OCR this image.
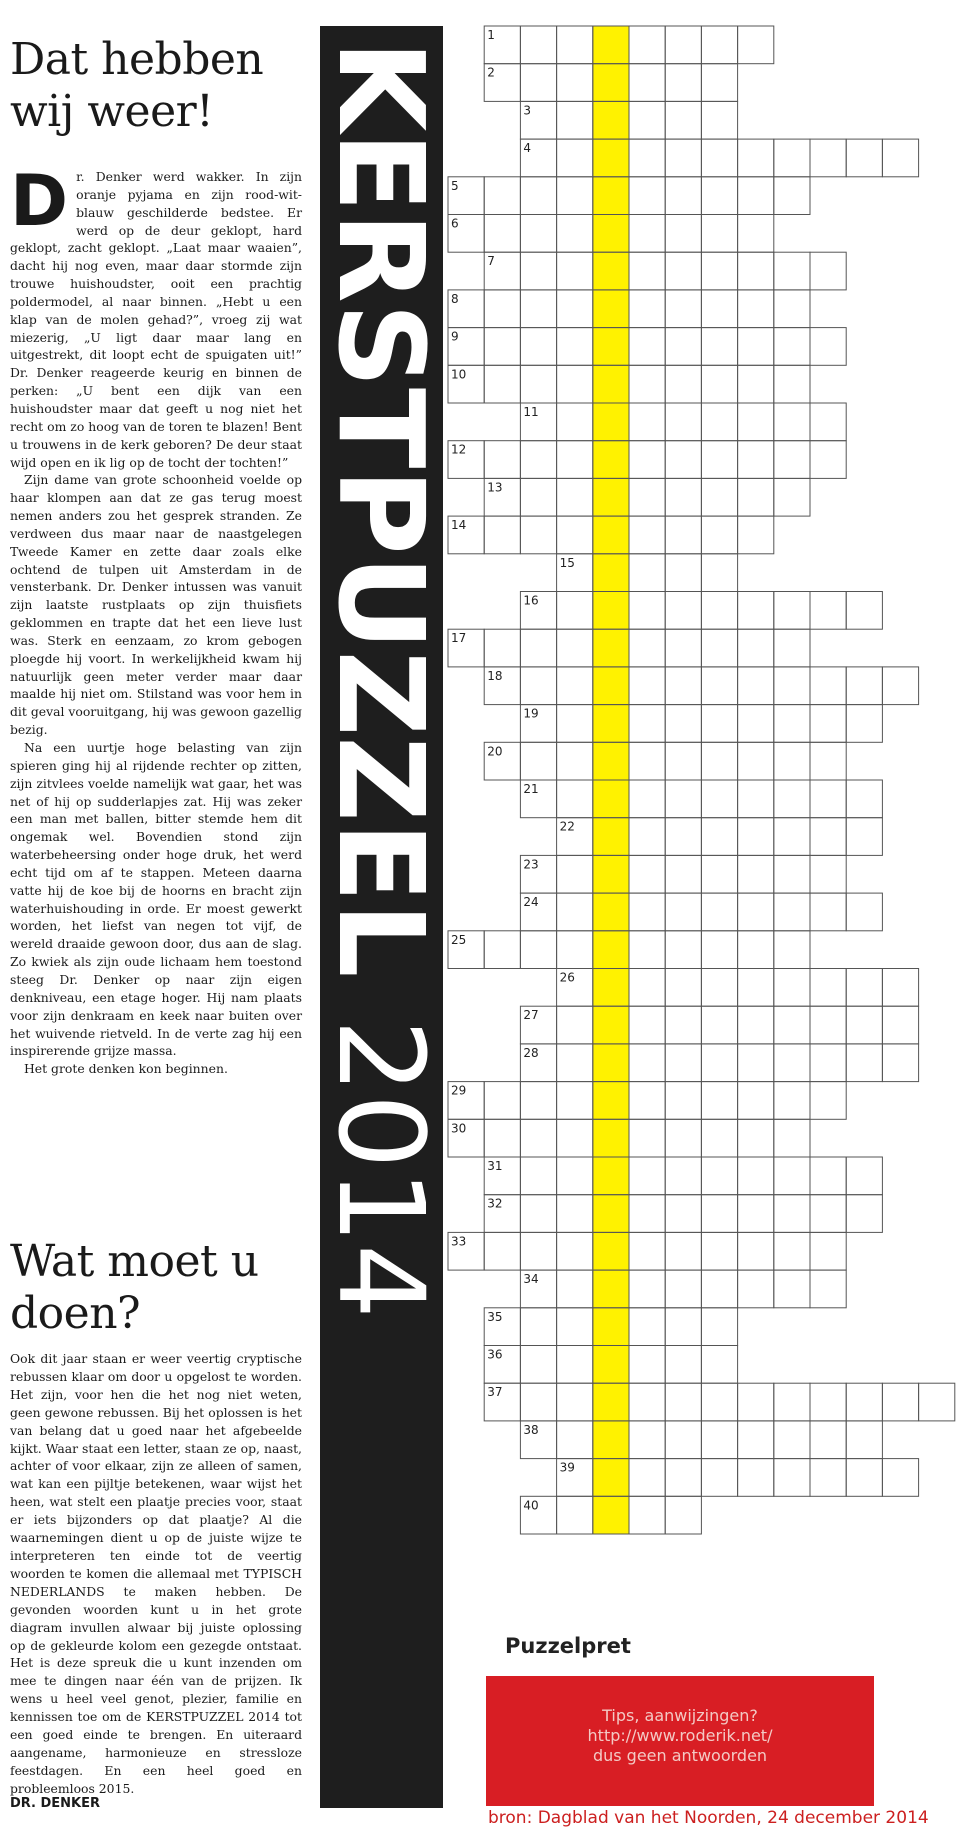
Dat hebben wij weer!

Dr. Denker werd wakker. In zijn oranje pyjama en zijn rood-wit-blauw geschilderde bedstee. Er werd op de deur geklopt, hard geklopt, zacht geklopt. „Laat maar waaien”, dacht hij nog even, maar daar stormde zijn trouwe huishoudster, ooit een prachtig poldermodel, al naar binnen. „Hebt u een klap van de molen gehad?”, vroeg zij wat miezerig, „U ligt daar maar lang en uitgestrekt, dit loopt echt de spuigaten uit!” Dr. Denker reageerde keurig en binnen de perken: „U bent een dijk van een huishoudster maar dat geeft u nog niet het recht om zo hoog van de toren te blazen! Bent u trouwens in de kerk geboren? De deur staat wijd open en ik lig op de tocht der tochten!”

Zijn dame van grote schoonheid voelde op haar klompen aan dat ze gas terug moest nemen anders zou het gesprek stranden. Ze verdween dus maar naar de naastgelegen Tweede Kamer en zette daar zoals elke ochtend de tulpen uit Amsterdam in de vensterbank. Dr. Denker intussen was vanuit zijn laatste rustplaats op zijn thuisfiets geklommen en trapte dat het een lieve lust was. Sterk en eenzaam, zo krom gebogen ploegde hij voort. In werkelijkheid kwam hij natuurlijk geen meter verder maar daar maalde hij niet om. Stilstand was voor hem in dit geval vooruitgang, hij was gewoon gazellig bezig.

Na een uurtje hoge belasting van zijn spieren ging hij al rijdende rechter op zitten, zijn zitvlees voelde namelijk wat gaar, het was net of hij op sudderlapjes zat. Hij was zeker een man met ballen, bitter stemde hem dit ongemak wel. Bovendien stond zijn waterbeheersing onder hoge druk, het werd echt tijd om af te stappen. Meteen daarna vatte hij de koe bij de hoorns en bracht zijn waterhuishouding in orde. Er moest gewerkt worden, het liefst van negen tot vijf, de wereld draaide gewoon door, dus aan de slag. Zo kwiek als zijn oude lichaam hem toestond steeg Dr. Denker op naar zijn eigen denkniveau, een etage hoger. Hij nam plaats voor zijn denkraam en keek naar buiten over het wuivende rietveld. In de verte zag hij een inspirerende grijze massa.

Het grote denken kon beginnen.

Wat moet u doen?

Ook dit jaar staan er weer veertig cryptische rebussen klaar om door u opgelost te worden. Het zijn, voor hen die het nog niet weten, geen gewone rebussen. Bij het oplossen is het van belang dat u goed naar het afgebeelde kijkt. Waar staat een letter, staan ze op, naast, achter of voor elkaar, zijn ze alleen of samen, wat kan een pijltje betekenen, waar wijst het heen, wat stelt een plaatje precies voor, staat er iets bijzonders op dat plaatje? Al die waarnemingen dient u op de juiste wijze te interpreteren ten einde tot de veertig woorden te komen die allemaal met TYPISCH NEDERLANDS te maken hebben. De gevonden woorden kunt u in het grote diagram invullen alwaar bij juiste oplossing op de gekleurde kolom een gezegde ontstaat. Het is deze spreuk die u kunt inzenden om mee te dingen naar één van de prijzen. Ik wens u heel veel genot, plezier, familie en kennissen toe om de KERSTPUZZEL 2014 tot een goed einde te brengen. En uiteraard aangename, harmonieuze en stressloze feestdagen. En een heel goed en probleemloos 2015.

DR. DENKER
KERSTPUZZEL 2014
1
2
3
4
5
6
7
8
9
10
11
12
13
14
15
16
17
18
19
20
21
22
23
24
25
26
27
28
29
30
31
32
33
34
35
36
37
38
39
40
Puzzelpret
Tips, aanwijzingen?
http://www.roderik.net/
dus geen antwoorden
bron: Dagblad van het Noorden, 24 december 2014
